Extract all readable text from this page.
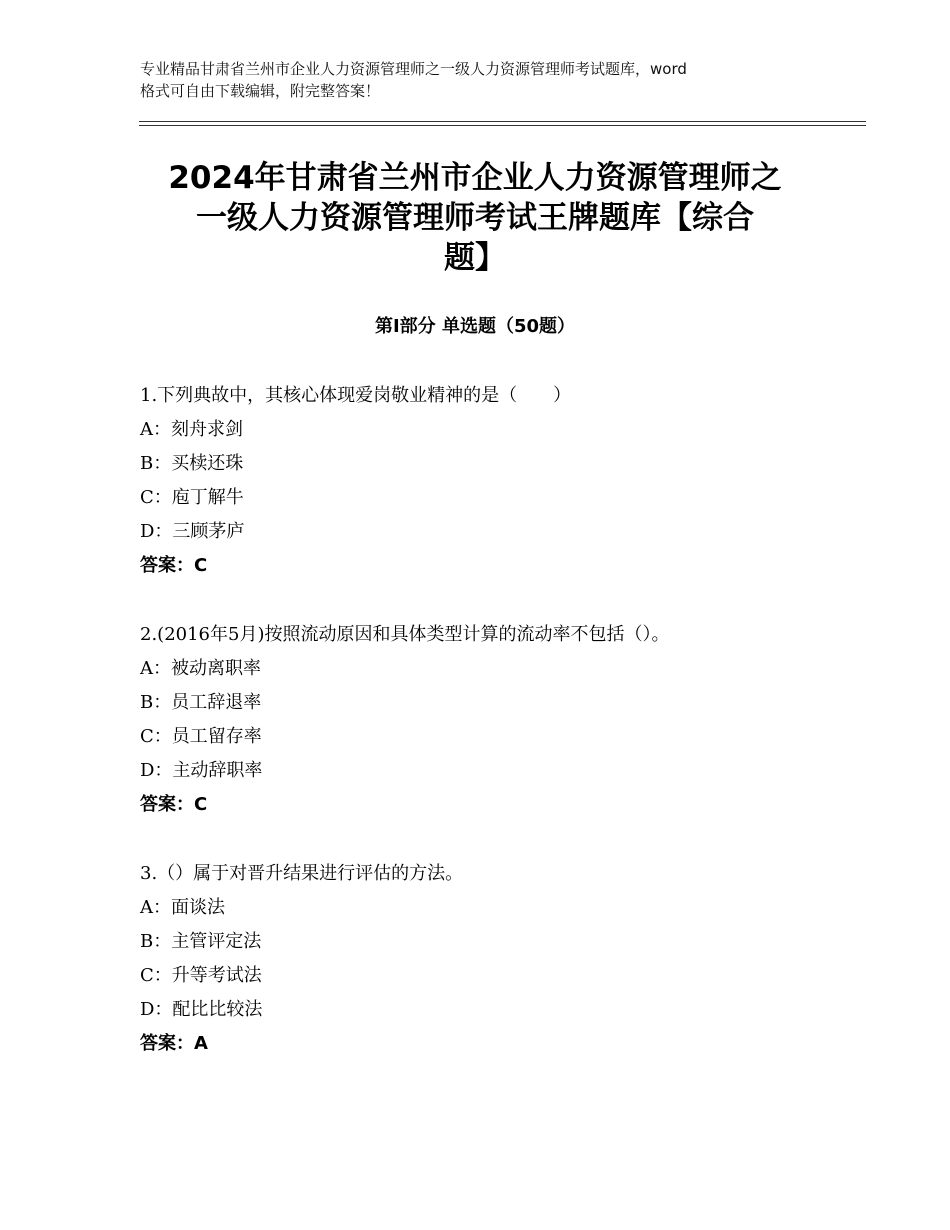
专业精品甘肃省兰州市企业人力资源管理师之一级人力资源管理师考试题库，word
格式可自由下载编辑，附完整答案！
2024年甘肃省兰州市企业人力资源管理师之
一级人力资源管理师考试王牌题库【综合
题】
第Ⅰ部分 单选题（50题）
1.下列典故中，其核心体现爱岗敬业精神的是（　　）
A：刻舟求剑
B：买椟还珠
C：庖丁解牛
D：三顾茅庐
答案：C
2.(2016年5月)按照流动原因和具体类型计算的流动率不包括（）。
A：被动离职率
B：员工辞退率
C：员工留存率
D：主动辞职率
答案：C
3.（）属于对晋升结果进行评估的方法。
A：面谈法
B：主管评定法
C：升等考试法
D：配比比较法
答案：A
